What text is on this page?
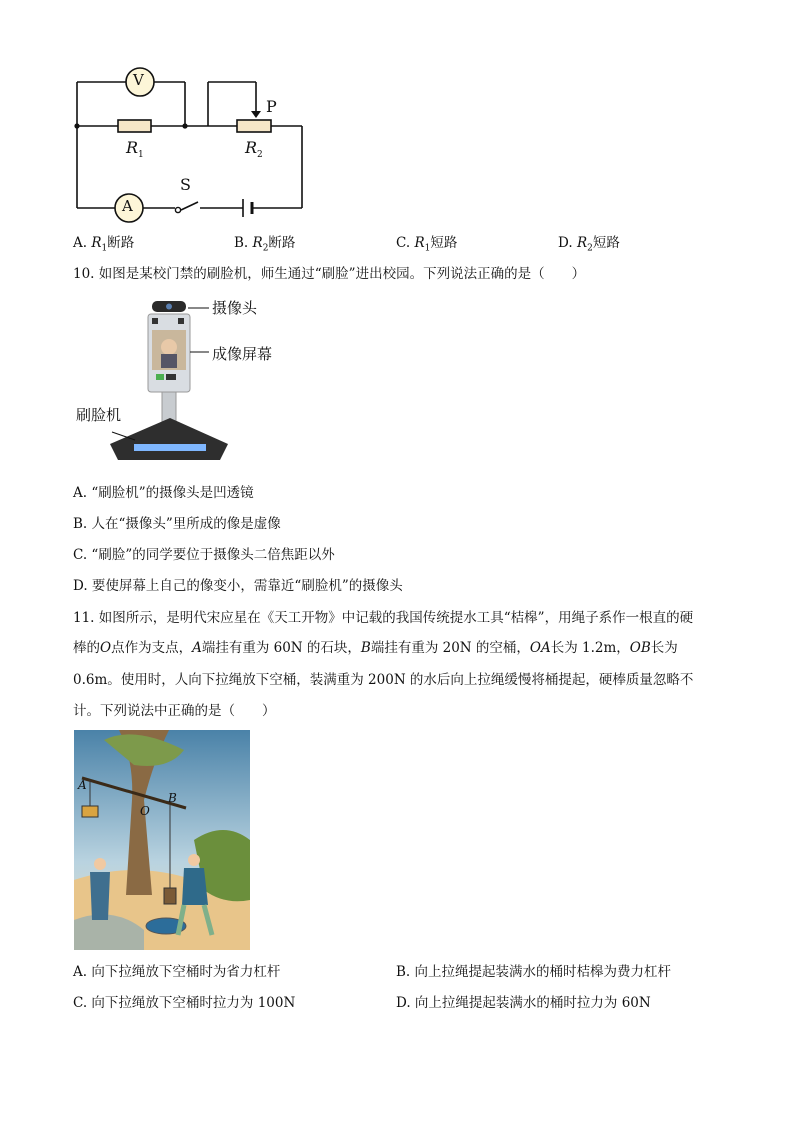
V
A
P
S
$R_1$	$R_2$
A. $R_1$断路	B. $R_2$断路	C. $R_1$短路	D. $R_2$短路
10. 如图是某校门禁的刷脸机，师生通过“刷脸”进出校园。下列说法正确的是（　　）
摄像头
成像屏幕
刷脸机
A. “刷脸机”的摄像头是凹透镜
B. 人在“摄像头”里所成的像是虚像
C. “刷脸”的同学要位于摄像头二倍焦距以外
D. 要使屏幕上自己的像变小，需靠近“刷脸机”的摄像头
11. 如图所示，是明代宋应星在《天工开物》中记载的我国传统提水工具“桔槔”，用绳子系作一根直的硬
棒的O点作为支点，A端挂有重为 60N 的石块，B端挂有重为 20N 的空桶，OA长为 1.2m，OB长为
0.6m。使用时，人向下拉绳放下空桶，装满重为 200N 的水后向上拉绳缓慢将桶提起，硬棒质量忽略不
计。下列说法中正确的是（　　）
A
B
O
A. 向下拉绳放下空桶时为省力杠杆	B. 向上拉绳提起装满水的桶时桔槔为费力杠杆
C. 向下拉绳放下空桶时拉力为 100N	D. 向上拉绳提起装满水的桶时拉力为 60N
